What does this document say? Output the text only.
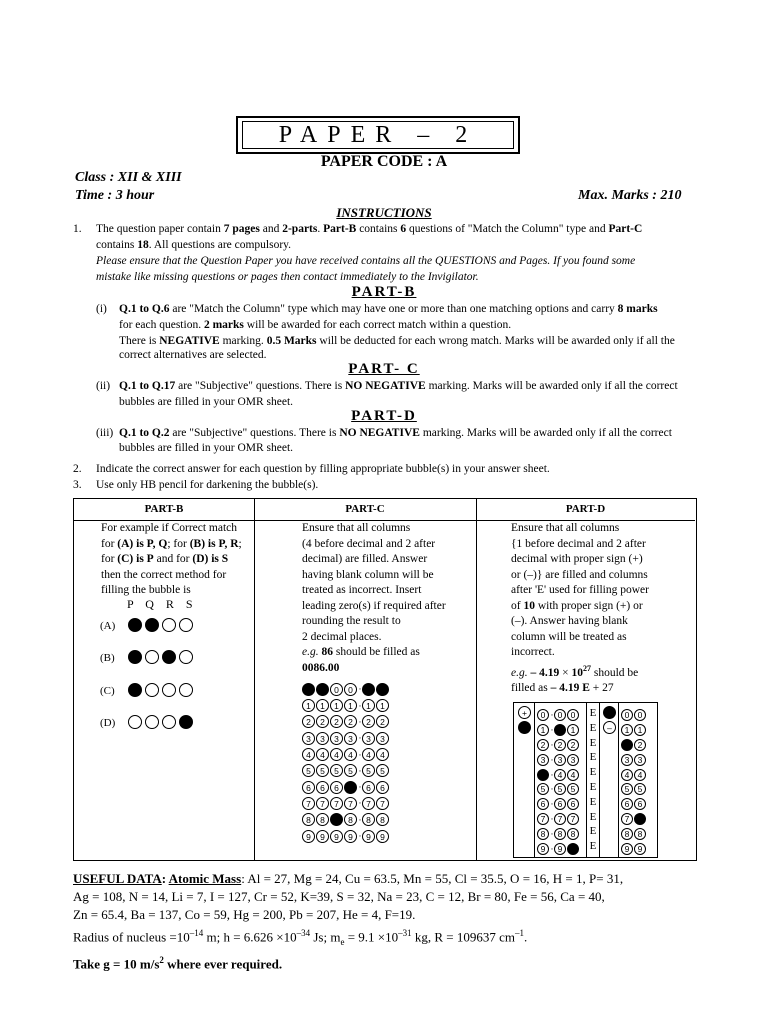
PAPER – 2
PAPER CODE : A
Class : XII & XIII
Time : 3 hour	Max. Marks : 210
INSTRUCTIONS
1. The question paper contain 7 pages and 2-parts. Part-B contains 6 questions of "Match the Column" type and Part-C
contains 18. All questions are compulsory.
Please ensure that the Question Paper you have received contains all the QUESTIONS and Pages. If you found some
mistake like missing questions or pages then contact immediately to the Invigilator.
PART-B
(i) Q.1 to Q.6 are "Match the Column" type which may have one or more than one matching options and carry 8 marks
for each question. 2 marks will be awarded for each correct match within a question.
There is NEGATIVE marking. 0.5 Marks will be deducted for each wrong match. Marks will be awarded only if all the
correct alternatives are selected.
PART- C
(ii) Q.1 to Q.17 are "Subjective" questions. There is NO NEGATIVE marking. Marks will be awarded only if all the correct
bubbles are filled in your OMR sheet.
PART-D
(iii) Q.1 to Q.2 are "Subjective" questions. There is NO NEGATIVE marking. Marks will be awarded only if all the correct
bubbles are filled in your OMR sheet.
2. Indicate the correct answer for each question by filling appropriate bubble(s) in your answer sheet.
3. Use only HB pencil for darkening the bubble(s).
PART-B
For example if Correct match
for (A) is P, Q; for (B) is P, R;
for (C) is P and for (D) is S
then the correct method for
filling the bubble is
P    Q    R    S
(A)
(B)
(C)
(D)
PART-C
Ensure that all columns
(4 before decimal and 2 after
decimal) are filled. Answer
having blank column will be
treated as incorrect. Insert
leading zero(s) if required after
rounding the result to
2 decimal places.
e.g. 86 should be filled as
0086.00
0 0 0 0 · 0 0
1 1 1 1 · 1 1
2 2 2 2 · 2 2
3 3 3 3 · 3 3
4 4 4 4 · 4 4
5 5 5 5 · 5 5
6 6 6 6 · 6 6
7 7 7 7 · 7 7
8 8 8 8 · 8 8
9 9 9 9 · 9 9
PART-D
Ensure that all columns
{1 before decimal and 2 after
decimal with proper sign (+)
or (–)} are filled and columns
after 'E' used for filling power
of 10 with proper sign (+) or
(–). Answer having blank
column will be treated as
incorrect.
e.g. – $4.19 \times 10^{27}$ should be
filled as – 4.19 E + 27
+	0 · 0 0
1 · 1 1
2 · 2 2
3 · 3 3
4 · 4 4
5 · 5 5
6 · 6 6
7 · 7 7
8 · 8 8
9 · 9 9
E
E
E
E
E
E
E
E
E
E
–
0 0
1 1
2 2
3 3
4 4
5 5
6 6
7 7
8 8
9 9
USEFUL DATA: Atomic Mass: Al = 27, Mg = 24, Cu = 63.5, Mn = 55, Cl = 35.5, O = 16, H = 1, P= 31,
Ag = 108, N = 14, Li = 7, I = 127, Cr = 52, K=39, S = 32, Na = 23, C = 12, Br = 80, Fe = 56, Ca = 40,
Zn = 65.4, Ba = 137, Co = 59, Hg = 200, Pb = 207, He = 4, F=19.
Radius of nucleus $=10^{-14}$ m; $h = 6.626 \times 10^{-34}$ Js; $m_e = 9.1 \times 10^{-31}$ kg, R = 109637 $cm^{-1}$.
Take g = 10 $m/s^2$ where ever required.
